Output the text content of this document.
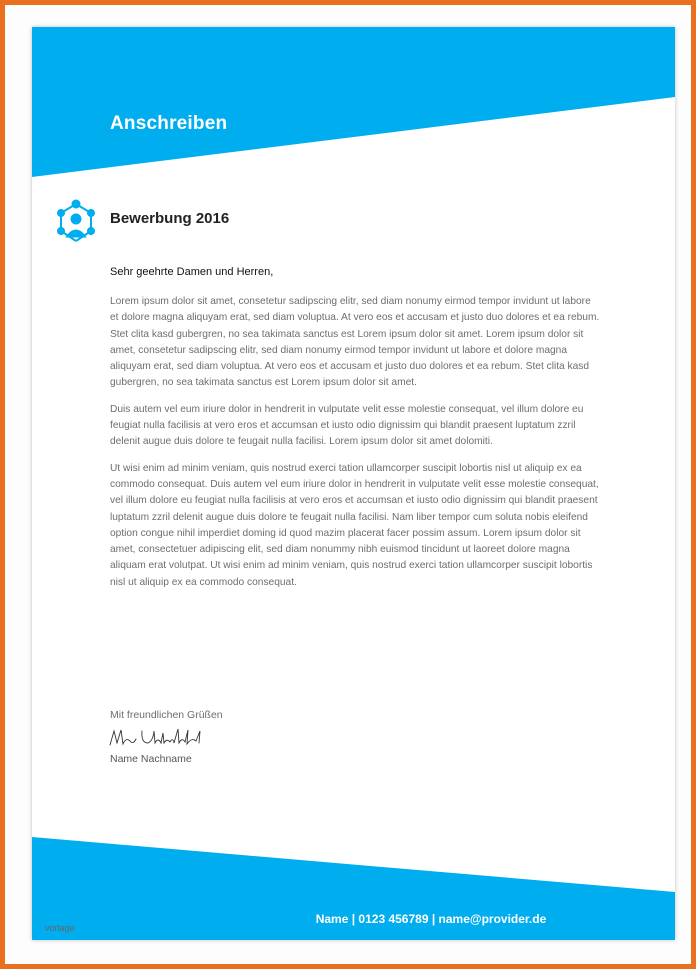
Anschreiben
Bewerbung 2016
Sehr geehrte Damen und Herren,

Lorem ipsum dolor sit amet, consetetur sadipscing elitr, sed diam nonumy eirmod tempor invidunt ut labore et dolore magna aliquyam erat, sed diam voluptua. At vero eos et accusam et justo duo dolores et ea rebum. Stet clita kasd gubergren, no sea takimata sanctus est Lorem ipsum dolor sit amet. Lorem ipsum dolor sit amet, consetetur sadipscing elitr, sed diam nonumy eirmod tempor invidunt ut labore et dolore magna aliquyam erat, sed diam voluptua. At vero eos et accusam et justo duo dolores et ea rebum. Stet clita kasd gubergren, no sea takimata sanctus est Lorem ipsum dolor sit amet.

Duis autem vel eum iriure dolor in hendrerit in vulputate velit esse molestie consequat, vel illum dolore eu feugiat nulla facilisis at vero eros et accumsan et iusto odio dignissim qui blandit praesent luptatum zzril delenit augue duis dolore te feugait nulla facilisi. Lorem ipsum dolor sit amet dolomiti.

Ut wisi enim ad minim veniam, quis nostrud exerci tation ullamcorper suscipit lobortis nisl ut aliquip ex ea commodo consequat. Duis autem vel eum iriure dolor in hendrerit in vulputate velit esse molestie consequat, vel illum dolore eu feugiat nulla facilisis at vero eros et accumsan et iusto odio dignissim qui blandit praesent luptatum zzril delenit augue duis dolore te feugait nulla facilisi. Nam liber tempor cum soluta nobis eleifend option congue nihil imperdiet doming id quod mazim placerat facer possim assum. Lorem ipsum dolor sit amet, consectetuer adipiscing elit, sed diam nonummy nibh euismod tincidunt ut laoreet dolore magna aliquam erat volutpat. Ut wisi enim ad minim veniam, quis nostrud exerci tation ullamcorper suscipit lobortis nisl ut aliquip ex ea commodo consequat.

Mit freundlichen Grüßen
Name Nachname
Name | 0123 456789 | name@provider.de
vorlage
